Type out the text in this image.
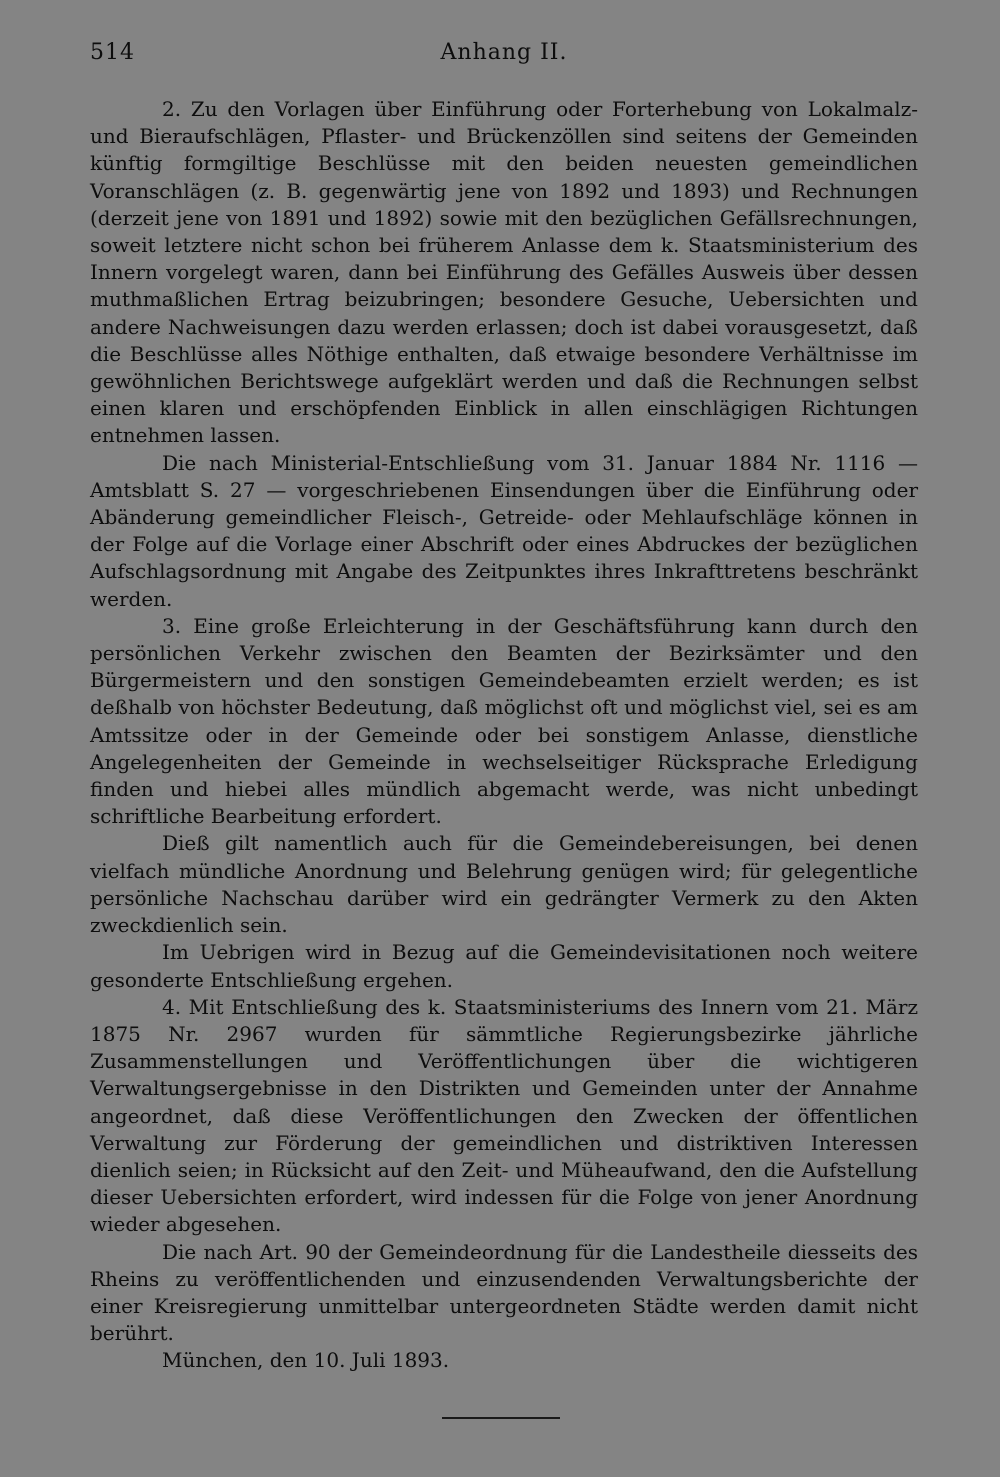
514	Anhang II.

2. Zu den Vorlagen über Einführung oder Forterhebung von Lokalmalz- und Bieraufschlägen, Pflaster- und Brückenzöllen sind seitens der Gemeinden künftig formgiltige Beschlüsse mit den beiden neuesten gemeindlichen Voranschlägen (z. B. gegenwärtig jene von 1892 und 1893) und Rechnungen (derzeit jene von 1891 und 1892) sowie mit den bezüglichen Gefällsrechnungen, soweit letztere nicht schon bei früherem Anlasse dem k. Staatsministerium des Innern vorgelegt waren, dann bei Einführung des Gefälles Ausweis über dessen muthmaßlichen Ertrag beizubringen; besondere Gesuche, Uebersichten und andere Nachweisungen dazu werden erlassen; doch ist dabei vorausgesetzt, daß die Beschlüsse alles Nöthige enthalten, daß etwaige besondere Verhältnisse im gewöhnlichen Berichtswege aufgeklärt werden und daß die Rechnungen selbst einen klaren und erschöpfenden Einblick in allen einschlägigen Richtungen entnehmen lassen.

Die nach Ministerial-Entschließung vom 31. Januar 1884 Nr. 1116 — Amtsblatt S. 27 — vorgeschriebenen Einsendungen über die Einführung oder Abänderung gemeindlicher Fleisch-, Getreide- oder Mehlaufschläge können in der Folge auf die Vorlage einer Abschrift oder eines Abdruckes der bezüglichen Aufschlagsordnung mit Angabe des Zeitpunktes ihres Inkrafttretens beschränkt werden.

3. Eine große Erleichterung in der Geschäftsführung kann durch den persönlichen Verkehr zwischen den Beamten der Bezirksämter und den Bürgermeistern und den sonstigen Gemeindebeamten erzielt werden; es ist deßhalb von höchster Bedeutung, daß möglichst oft und möglichst viel, sei es am Amtssitze oder in der Gemeinde oder bei sonstigem Anlasse, dienstliche Angelegenheiten der Gemeinde in wechselseitiger Rücksprache Erledigung finden und hiebei alles mündlich abgemacht werde, was nicht unbedingt schriftliche Bearbeitung erfordert.

Dieß gilt namentlich auch für die Gemeindebereisungen, bei denen vielfach mündliche Anordnung und Belehrung genügen wird; für gelegentliche persönliche Nachschau darüber wird ein gedrängter Vermerk zu den Akten zweckdienlich sein.

Im Uebrigen wird in Bezug auf die Gemeindevisitationen noch weitere gesonderte Entschließung ergehen.

4. Mit Entschließung des k. Staatsministeriums des Innern vom 21. März 1875 Nr. 2967 wurden für sämmtliche Regierungsbezirke jährliche Zusammenstellungen und Veröffentlichungen über die wichtigeren Verwaltungsergebnisse in den Distrikten und Gemeinden unter der Annahme angeordnet, daß diese Veröffentlichungen den Zwecken der öffentlichen Verwaltung zur Förderung der gemeindlichen und distriktiven Interessen dienlich seien; in Rücksicht auf den Zeit- und Müheaufwand, den die Aufstellung dieser Uebersichten erfordert, wird indessen für die Folge von jener Anordnung wieder abgesehen.

Die nach Art. 90 der Gemeindeordnung für die Landestheile diesseits des Rheins zu veröffentlichenden und einzusendenden Verwaltungsberichte der einer Kreisregierung unmittelbar untergeordneten Städte werden damit nicht berührt.

München, den 10. Juli 1893.
